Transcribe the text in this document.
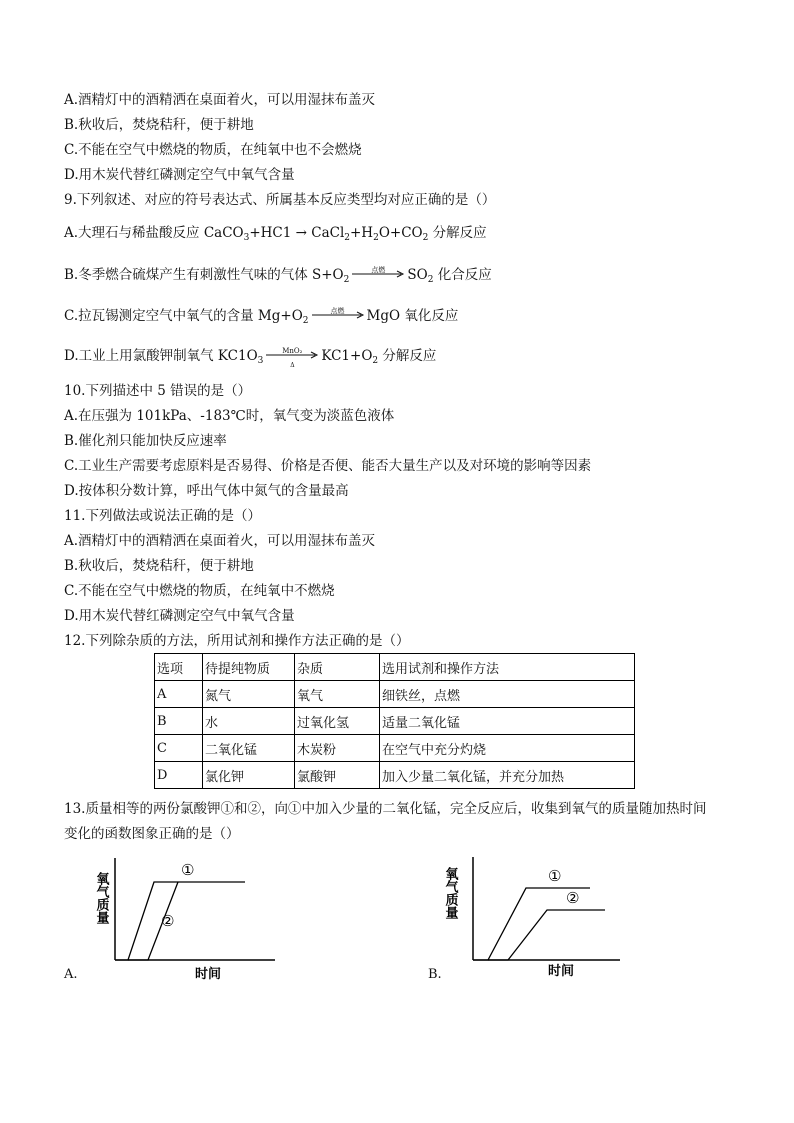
A.酒精灯中的酒精洒在桌面着火，可以用湿抹布盖灭
B.秋收后，焚烧秸秆，便于耕地
C.不能在空气中燃烧的物质，在纯氧中也不会燃烧
D.用木炭代替红磷测定空气中氧气含量
9.下列叙述、对应的符号表达式、所属基本反应类型均对应正确的是（）
A.大理石与稀盐酸反应 CaCO$_3$+HC1 → $CaCl_2+H_2O+CO_2$ 分解反应
B.冬季燃合硫煤产生有刺激性气味的气体 $S+O_2$
点燃	$SO_2$ 化合反应
C.拉瓦锡测定空气中氧气的含量 $Mg+O_2$
点燃	MgO 氧化反应
D.工业上用氯酸钾制氧气 $KC1O_3$
MnO₂
Δ
$KC1+O_2$ 分解反应
10.下列描述中 5 错误的是（）
A.在压强为 101kPa、-183℃时，氧气变为淡蓝色液体
B.催化剂只能加快反应速率
C.工业生产需要考虑原料是否易得、价格是否便、能否大量生产以及对环境的影响等因素
D.按体积分数计算，呼出气体中氮气的含量最高
11.下列做法或说法正确的是（）
A.酒精灯中的酒精洒在桌面着火，可以用湿抹布盖灭
B.秋收后，焚烧秸秆，便于耕地
C.不能在空气中燃烧的物质，在纯氧中不燃烧
D.用木炭代替红磷测定空气中氧气含量
12.下列除杂质的方法，所用试剂和操作方法正确的是（）
选项	待提纯物质	杂质	选用试剂和操作方法
A	氮气	氧气	细铁丝，点燃
B	水	过氧化氢	适量二氧化锰
C	二氧化锰	木炭粉	在空气中充分灼烧
D	氯化钾	氯酸钾	加入少量二氧化锰，并充分加热
13.质量相等的两份氯酸钾①和②，向①中加入少量的二氧化锰，完全反应后，收集到氧气的质量随加热时间
变化的函数图象正确的是（）
氧气质量
①
②
时间
A.
氧气质量	①
②
时间
B.
